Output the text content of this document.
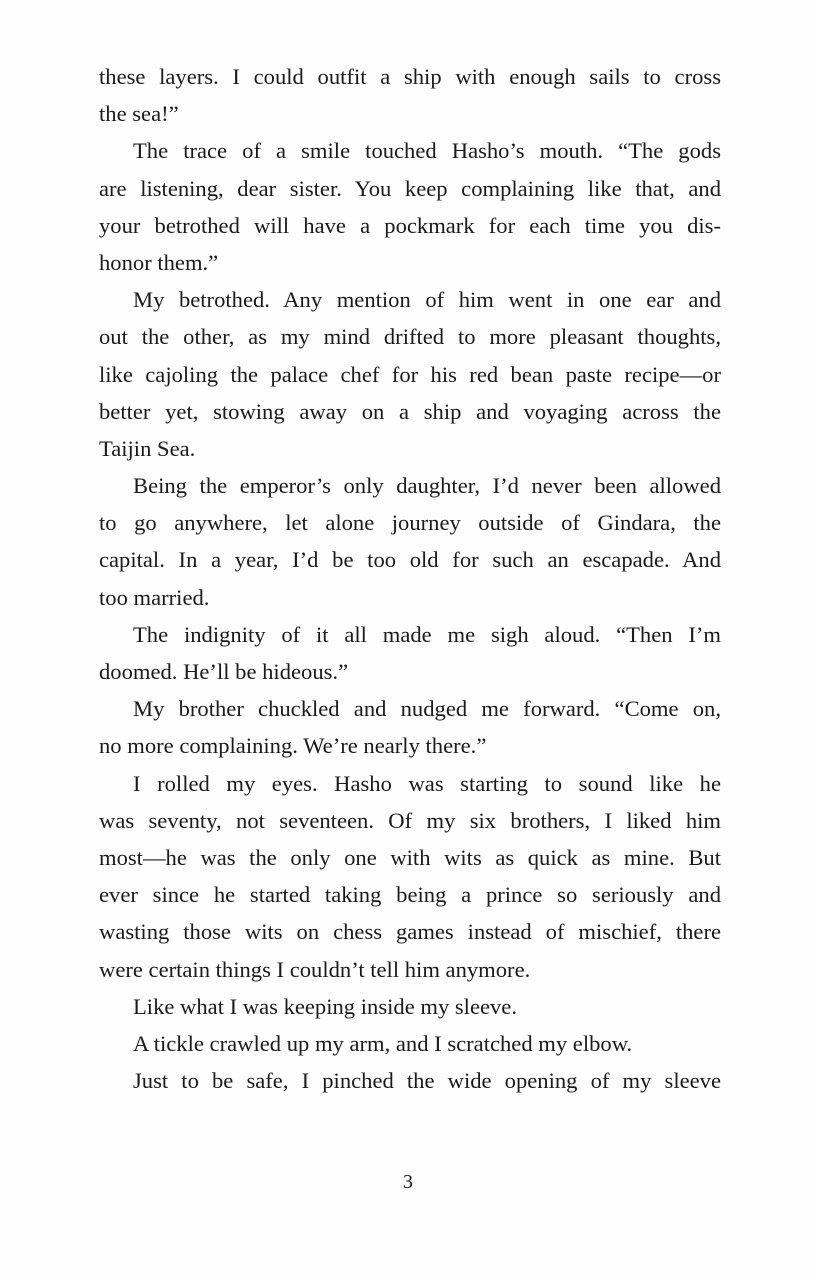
these layers. I could outfit a ship with enough sails to cross
the sea!”
The trace of a smile touched Hasho’s mouth. “The gods
are listening, dear sister. You keep complaining like that, and
your betrothed will have a pockmark for each time you dis-
honor them.”
My betrothed. Any mention of him went in one ear and
out the other, as my mind drifted to more pleasant thoughts,
like cajoling the palace chef for his red bean paste recipe—or
better yet, stowing away on a ship and voyaging across the
Taijin Sea.
Being the emperor’s only daughter, I’d never been allowed
to go anywhere, let alone journey outside of Gindara, the
capital. In a year, I’d be too old for such an escapade. And
too married.
The indignity of it all made me sigh aloud. “Then I’m
doomed. He’ll be hideous.”
My brother chuckled and nudged me forward. “Come on,
no more complaining. We’re nearly there.”
I rolled my eyes. Hasho was starting to sound like he
was seventy, not seventeen. Of my six brothers, I liked him
most—he was the only one with wits as quick as mine. But
ever since he started taking being a prince so seriously and
wasting those wits on chess games instead of mischief, there
were certain things I couldn’t tell him anymore.
Like what I was keeping inside my sleeve.
A tickle crawled up my arm, and I scratched my elbow.
Just to be safe, I pinched the wide opening of my sleeve
3
